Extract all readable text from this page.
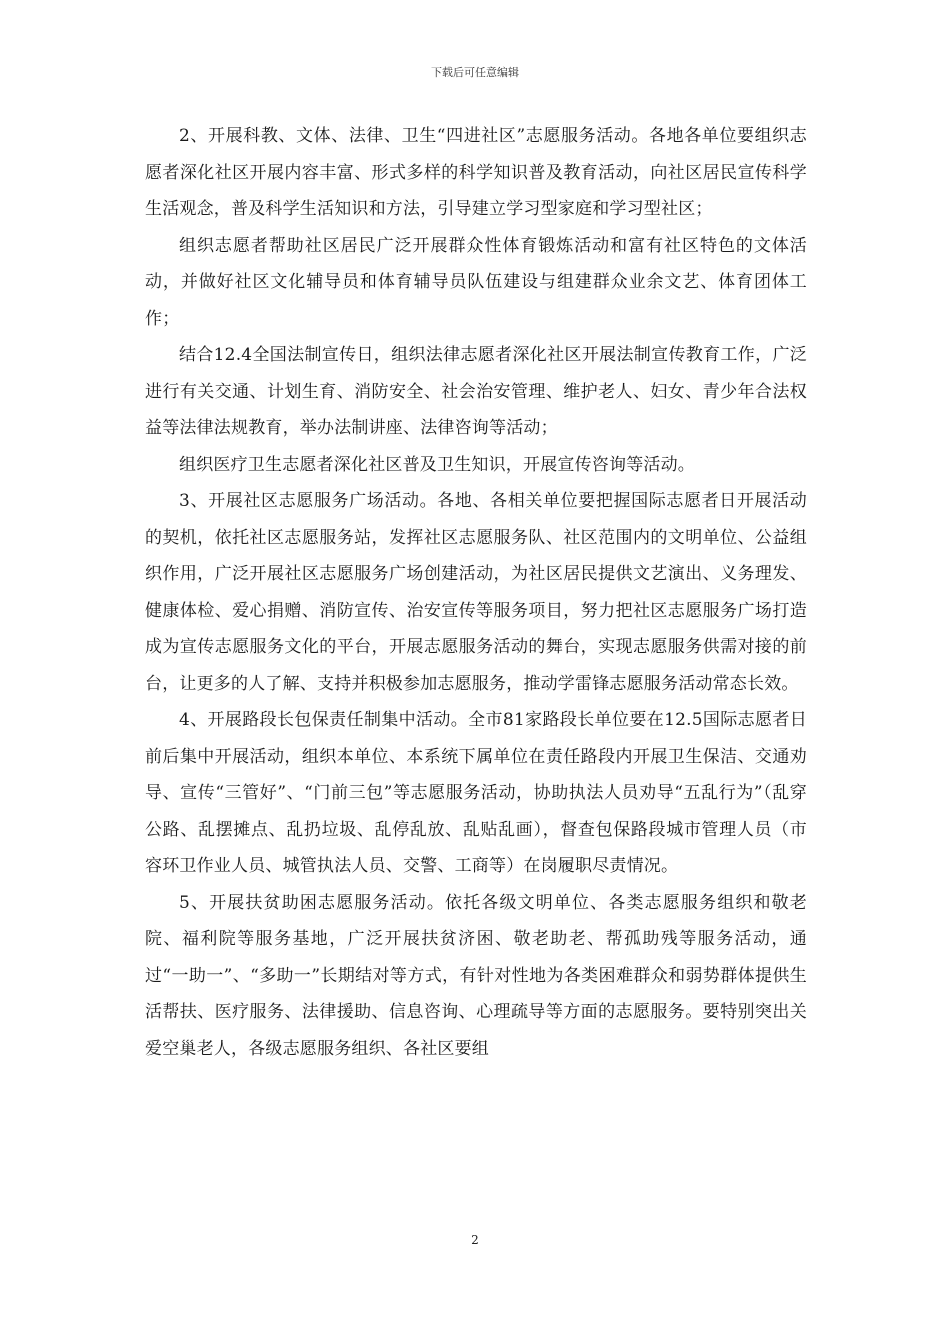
下载后可任意编辑

2、开展科教、文体、法律、卫生“四进社区”志愿服务活动。各地各单位要组织志愿者深化社区开展内容丰富、形式多样的科学知识普及教育活动，向社区居民宣传科学生活观念，普及科学生活知识和方法，引导建立学习型家庭和学习型社区；

组织志愿者帮助社区居民广泛开展群众性体育锻炼活动和富有社区特色的文体活动，并做好社区文化辅导员和体育辅导员队伍建设与组建群众业余文艺、体育团体工作；

结合12.4全国法制宣传日，组织法律志愿者深化社区开展法制宣传教育工作，广泛进行有关交通、计划生育、消防安全、社会治安管理、维护老人、妇女、青少年合法权益等法律法规教育，举办法制讲座、法律咨询等活动；

组织医疗卫生志愿者深化社区普及卫生知识，开展宣传咨询等活动。

3、开展社区志愿服务广场活动。各地、各相关单位要把握国际志愿者日开展活动的契机，依托社区志愿服务站，发挥社区志愿服务队、社区范围内的文明单位、公益组织作用，广泛开展社区志愿服务广场创建活动，为社区居民提供文艺演出、义务理发、健康体检、爱心捐赠、消防宣传、治安宣传等服务项目，努力把社区志愿服务广场打造成为宣传志愿服务文化的平台，开展志愿服务活动的舞台，实现志愿服务供需对接的前台，让更多的人了解、支持并积极参加志愿服务，推动学雷锋志愿服务活动常态长效。

4、开展路段长包保责任制集中活动。全市81家路段长单位要在12.5国际志愿者日前后集中开展活动，组织本单位、本系统下属单位在责任路段内开展卫生保洁、交通劝导、宣传“三管好”、“门前三包”等志愿服务活动，协助执法人员劝导“五乱行为”（乱穿公路、乱摆摊点、乱扔垃圾、乱停乱放、乱贴乱画），督查包保路段城市管理人员（市容环卫作业人员、城管执法人员、交警、工商等）在岗履职尽责情况。

5、开展扶贫助困志愿服务活动。依托各级文明单位、各类志愿服务组织和敬老院、福利院等服务基地，广泛开展扶贫济困、敬老助老、帮孤助残等服务活动，通过“一助一”、“多助一”长期结对等方式，有针对性地为各类困难群众和弱势群体提供生活帮扶、医疗服务、法律援助、信息咨询、心理疏导等方面的志愿服务。要特别突出关爱空巢老人，各级志愿服务组织、各社区要组

2
